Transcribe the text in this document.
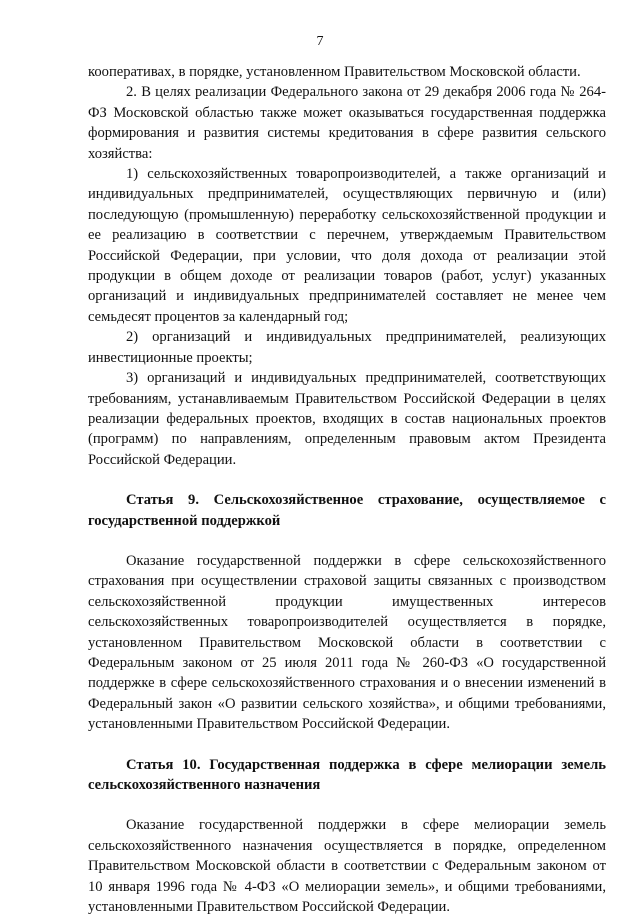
7

кооперативах, в порядке, установленном Правительством Московской области.

2. В целях реализации Федерального закона от 29 декабря 2006 года № 264-ФЗ Московской областью также может оказываться государственная поддержка формирования и развития системы кредитования в сфере развития сельского хозяйства:

1) сельскохозяйственных товаропроизводителей, а также организаций и индивидуальных предпринимателей, осуществляющих первичную и (или) последующую (промышленную) переработку сельскохозяйственной продукции и ее реализацию в соответствии с перечнем, утверждаемым Правительством Российской Федерации, при условии, что доля дохода от реализации этой продукции в общем доходе от реализации товаров (работ, услуг) указанных организаций и индивидуальных предпринимателей составляет не менее чем семьдесят процентов за календарный год;

2) организаций и индивидуальных предпринимателей, реализующих инвестиционные проекты;

3) организаций и индивидуальных предпринимателей, соответствующих требованиям, устанавливаемым Правительством Российской Федерации в целях реализации федеральных проектов, входящих в состав национальных проектов (программ) по направлениям, определенным правовым актом Президента Российской Федерации.

Статья 9. Сельскохозяйственное страхование, осуществляемое с государственной поддержкой

Оказание государственной поддержки в сфере сельскохозяйственного страхования при осуществлении страховой защиты связанных с производством сельскохозяйственной продукции имущественных интересов сельскохозяйственных товаропроизводителей осуществляется в порядке, установленном Правительством Московской области в соответствии с Федеральным законом от 25 июля 2011 года № 260-ФЗ «О государственной поддержке в сфере сельскохозяйственного страхования и о внесении изменений в Федеральный закон «О развитии сельского хозяйства», и общими требованиями, установленными Правительством Российской Федерации.

Статья 10. Государственная поддержка в сфере мелиорации земель сельскохозяйственного назначения

Оказание государственной поддержки в сфере мелиорации земель сельскохозяйственного назначения осуществляется в порядке, определенном Правительством Московской области в соответствии с Федеральным законом от 10 января 1996 года № 4-ФЗ «О мелиорации земель», и общими требованиями, установленными Правительством Российской Федерации.
